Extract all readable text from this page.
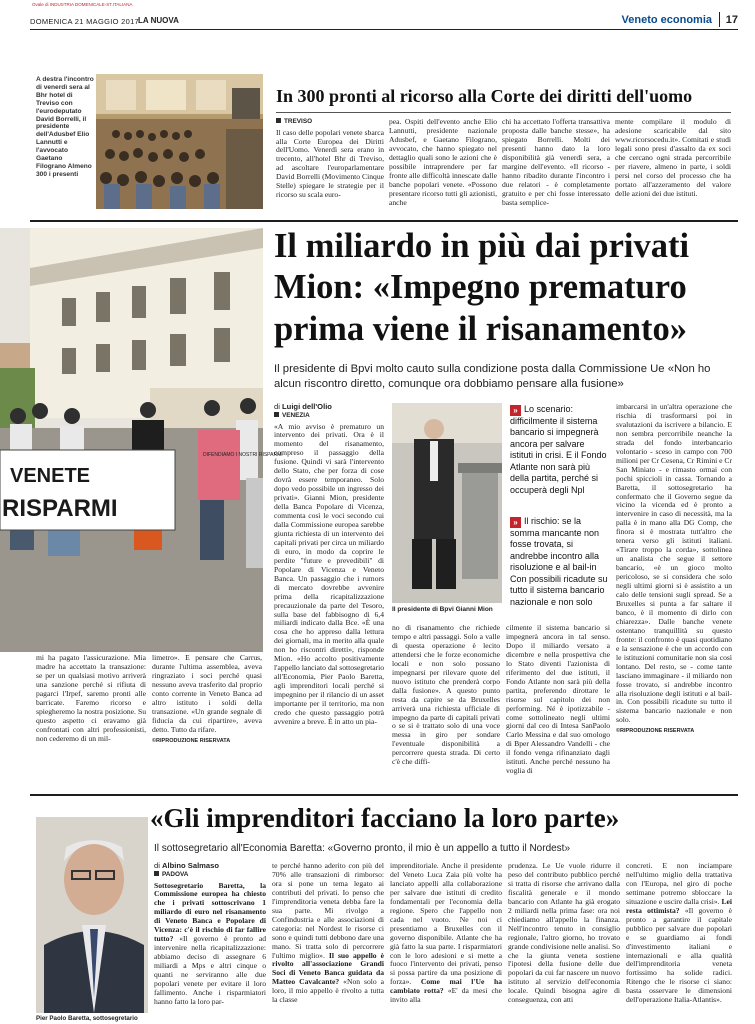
Ovale di INDUSTRIA DOMENICALE-ST.ITALIANA
DOMENICA 21 MAGGIO 2017
LA NUOVA	Veneto economia 17
A destra l'incontro di venerdì sera al Bhr hotel di Treviso con l'eurodeputato David Borrelli, il presidente dell'Adusbef Elio Lannutti e l'avvocato Gaetano Filograno Almeno 300 i presenti
In 300 pronti al ricorso alla Corte dei diritti dell'uomo
TREVISO
Il caso delle popolari venete sbarca alla Corte Europea dei Diritti dell'Uomo. Venerdì sera erano in trecento, all'hotel Bhr di Treviso, ad ascoltare l'europarlamentare David Borrelli (Movimento Cinque Stelle) spiegare le strategie per il ricorso su scala euro-
pea. Ospiti dell'evento anche Elio Lannutti, presidente nazionale Adusbef, e Gaetano Filograno, avvocato, che hanno spiegato nel dettaglio quali sono le azioni che è possibile intraprendere per far fronte alle difficoltà innescate dalle banche popolari venete. «Possono presentare ricorso tutti gli azionisti, anche
chi ha accettato l'offerta transattiva proposta dalle banche stesse», ha spiegato Borrelli. Molti dei presenti hanno dato la loro disponibilità già venerdì sera, a margine dell'evento. «Il ricorso - hanno ribadito durante l'incontro i due relatori - è completamente gratuito e per chi fosse interessato basta semplice-
mente compilare il modulo di adesione scaricabile dal sito www.ricorsocedu.it». Comitati e studi legali sono presi d'assalto da ex soci che cercano ogni strada percorribile per riavere, almeno in parte, i soldi persi nel corso del processo che ha portato all'azzeramento del valore delle azioni dei due istituti.
VENETE
RISPARMI
DIFENDIAMO I NOSTRI RISPARMI
Il miliardo in più dai privati
Mion: «Impegno prematuro
prima viene il risanamento»
Il presidente di Bpvi molto cauto sulla condizione posta dalla Commissione Ue «Non ho alcun riscontro diretto, comunque ora dobbiamo pensare alla fusione»
di Luigi dell'Olio
VENEZIA
«A mio avviso è prematuro un intervento dei privati. Ora è il momento del risanamento, compreso il passaggio della fusione. Quindi vi sarà l'intervento dello Stato, che per forza di cose dovrà essere temporaneo. Solo dopo vedo possibile un ingresso dei privati». Gianni Mion, presidente della Banca Popolare di Vicenza, commenta così le voci secondo cui dalla Commissione europea sarebbe giunta richiesta di un intervento dei capitali privati per circa un miliardo di euro, in modo da coprire le perdite "future e prevedibili" di Popolare di Vicenza e Veneto Banca. Un passaggio che i rumors di mercato dovrebbe avvenire prima della ricapitalizzazione precauzionale da parte del Tesoro, sulla base del fabbisogno di 6,4 miliardi indicato dalla Bce. «È una cosa che ho appreso dalla lettura dei giornali, ma in merito alla quale non ho riscontri diretti», risponde Mion. «Ho accolto positivamente l'appello lanciato dal sottosegretario all'Economia, Pier Paolo Baretta, agli imprenditori locali perché si impegnino per il rilancio di un asset importante per il territorio, ma non credo che questo passaggio potrà avvenire a breve. È in atto un pia-
Il presidente di Bpvi Gianni Mion
» Lo scenario: difficilmente il sistema bancario si impegnerà ancora per salvare istituti in crisi. E il Fondo Atlante non sarà più della partita, perché si occuperà degli Npl
» Il rischio: se la somma mancante non fosse trovata, si andrebbe incontro alla risoluzione e al bail-in Con possibili ricadute su tutto il sistema bancario nazionale e non solo
imbarcarsi in un'altra operazione che rischia di trasformarsi poi in svalutazioni da iscrivere a bilancio. E non sembra percorribile neanche la strada del fondo interbancario volontario - sceso in campo con 700 milioni per Cr Cesena, Cr Rimini e Cr San Miniato - e rimasto ormai con pochi spiccioli in cassa. Tornando a Baretta, il sottosegretario ha confermato che il Governo segue da vicino la vicenda ed è pronto a intervenire in caso di necessità, ma la palla è in mano alla DG Comp, che finora si è mostrata tutt'altro che tenera verso gli istituti italiani. «Tirare troppo la corda», sottolinea un analista che segue il settore bancario, «è un gioco molto pericoloso, se si considera che solo negli ultimi giorni si è assistito a un calo delle tensioni sugli spread. Se a Bruxelles si punta a far saltare il banco, è il momento di dirlo con chiarezza». Dalle banche venete ostentano tranquillità su questo fronte: il confronto è quasi quotidiano e la sensazione è che un accordo con le istituzioni comunitarie non sia così lontano. Del resto, se - come tante lasciano immaginare - il miliardo non fosse trovato, si andrebbe incontro alla risoluzione degli istituti e al bail-in. Con possibili ricadute su tutto il sistema bancario nazionale e non solo.
©RIPRODUZIONE RISERVATA
no di risanamento che richiede tempo e altri passaggi. Solo a valle di questa operazione è lecito attendersi che le forze economiche locali e non solo possano impegnarsi per rilevare quote del nuovo istituto che prenderà corpo dalla fusione». A questo punto resta da capire se da Bruxelles arriverà una richiesta ufficiale di impegno da parte di capitali privati o se si è trattato solo di una voce messa in giro per sondare l'eventuale disponibilità a percorrere questa strada. Di certo c'è che diffi-
cilmente il sistema bancario si impegnerà ancora in tal senso. Dopo il miliardo versato a dicembre e nella prospettiva che lo Stato diventi l'azionista di riferimento del due istituti, il Fondo Atlante non sarà più della partita, preferendo dirottare le risorse sul capitolo dei non performing. Né è ipotizzabile - come sottolineato negli ultimi giorni dal ceo di Intesa SanPaolo Carlo Messina e dal suo omologo di Bper Alessandro Vandelli - che il fondo venga rifinanziato dagli istituti. Anche perché nessuno ha voglia di
mi ha pagato l'assicurazione. Mia madre ha accettato la transazione: se per un qualsiasi motivo arriverà una sanzione perché si rifiuta di pagarci l'Irpef, saremo pronti alle barricate. Faremo ricorso e spiegheremo la nostra posizione. Su questo aspetto ci eravamo già confrontati con altri professionisti, non cederemo di un mil-
limetro». E pensare che Carrus, durante l'ultima assemblea, aveva ringraziato i soci perché quasi nessuno aveva trasferito dal proprio conto corrente in Veneto Banca ad altro istituto i soldi della transazione. «Un grande segnale di fiducia da cui ripartire», aveva detto. Tutto da rifare.
©RIPRODUZIONE RISERVATA
Pier Paolo Baretta, sottosegretario
«Gli imprenditori facciano la loro parte»
Il sottosegretario all'Economia Baretta: «Governo pronto, il mio è un appello a tutto il Nordest»
di Albino Salmaso
PADOVA
Sottosegretario Baretta, la Commissione europea ha chiesto che i privati sottoscrivano 1 miliardo di euro nel risanamento di Veneto Banca e Popolare di Vicenza: c'è il rischio di far fallire tutto? «Il governo è pronto ad intervenire nella ricapitalizzazione: abbiamo deciso di assegnare 6 miliardi a Mps e altri cinque o quanti ne serviranno alle due popolari venete per evitare il loro fallimento. Anche i risparmiatori hanno fatto la loro par-
te perché hanno aderito con più del 70% alle transazioni di rimborso: ora si pone un tema legato ai contributi del privati. Io penso che l'imprenditoria veneta debba fare la sua parte. Mi rivolgo a Confindustria e alle associazioni di categoria: nel Nordest le risorse ci sono e quindi tutti debbono dare una mano. Si tratta solo di percorrere l'ultimo miglio». Il suo appello è rivolto all'associazione Grandi Soci di Veneto Banca guidata da Matteo Cavalcante? «Non solo a loro, il mio appello è rivolto a tutta la classe
imprenditoriale. Anche il presidente del Veneto Luca Zaia più volte ha lanciato appelli alla collaborazione per salvare due istituti di credito fondamentali per l'economia della regione. Spero che l'appello non cada nel vuoto. Ne noi ci presentiamo a Bruxelles con il governo disponibile. Atlante che ha già fatto la sua parte. I risparmiatori con le loro adesioni e si mette a fuoco l'intervento dei privati, penso si possa partire da una posizione di forza». Come mai l'Ue ha cambiato rotta? «E' da mesi che invito alla
prudenza. Le Ue vuole ridurre il peso del contributo pubblico perché si tratta di risorse che arrivano dalla fiscalità generale e il mondo bancario con Atlante ha già erogato 2 miliardi nella prima fase: ora noi chiediamo all'appello la finanza. Nell'incontro tenuto in consiglio regionale, l'altro giorno, ho trovato grande condivisione nelle analisi. So che la giunta veneta sostiene l'ipotesi della fusione delle due popolari da cui far nascere un nuovo istituto al servizio dell'economia locale. Quindi bisogna agire di conseguenza, con atti
concreti. E non inciampare nell'ultimo miglio della trattativa con l'Europa, nel giro di poche settimane potremo sbloccare la situazione e uscire dalla crisi». Lei resta ottimista? «Il governo è pronto a garantire il capitale pubblico per salvare due popolari e se guardiamo ai fondi d'investimento italiani e internazionali e alla qualità dell'imprenditoria veneta fortissimo ha solide radici. Ritengo che le risorse ci siano: basta osservare le dimensioni dell'operazione Italia-Atlantis».
